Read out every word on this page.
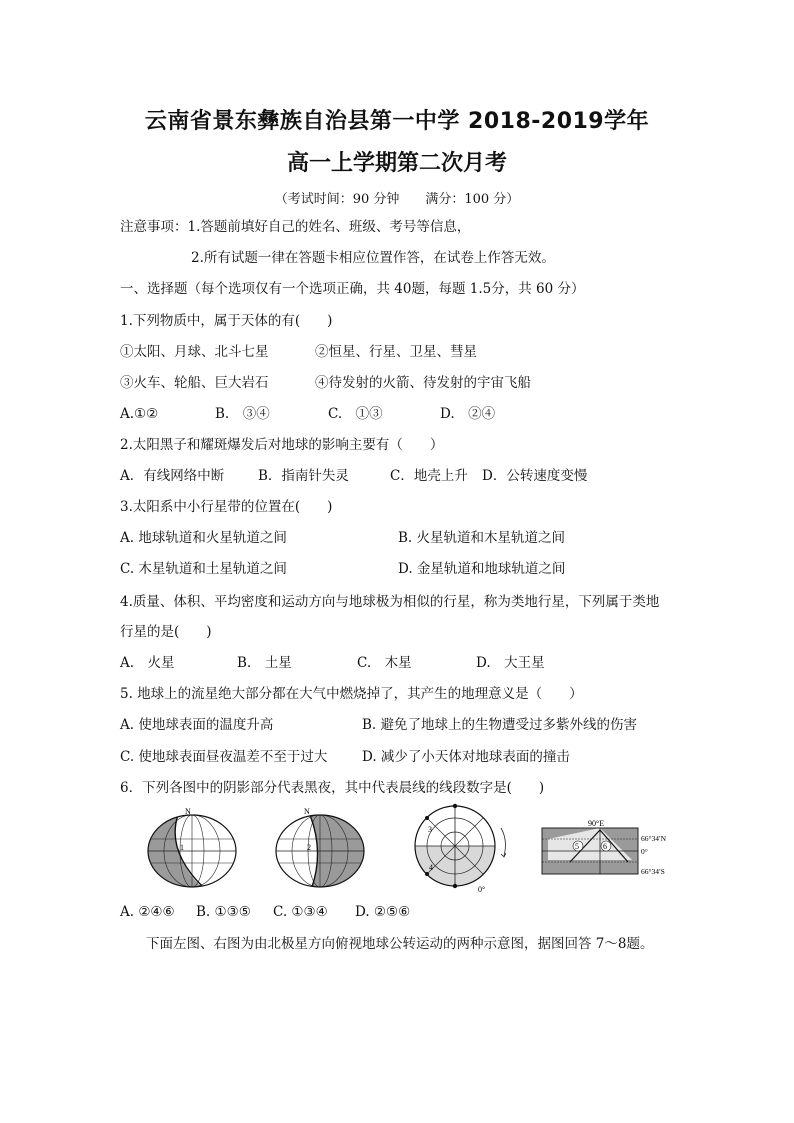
云南省景东彝族自治县第一中学 2018-2019学年
高一上学期第二次月考
（考试时间：90 分钟　　满分：100 分）
注意事项：1.答题前填好自己的姓名、班级、考号等信息，
2.所有试题一律在答题卡相应位置作答，在试卷上作答无效。
一、选择题（每个选项仅有一个选项正确，共 40题，每题 1.5分，共 60 分）
1.下列物质中，属于天体的有(　　)
①太阳、月球、北斗七星	②恒星、行星、卫星、彗星
③火车、轮船、巨大岩石	④待发射的火箭、待发射的宇宙飞船
A.①②	B.　③④	C.　①③	D.　②④
2.太阳黑子和耀斑爆发后对地球的影响主要有（　　）
A．有线网络中断	B．指南针失灵	C．地壳上升 D．公转速度变慢
3.太阳系中小行星带的位置在(　　)
A. 地球轨道和火星轨道之间	B. 火星轨道和木星轨道之间
C. 木星轨道和土星轨道之间	D. 金星轨道和地球轨道之间
4.质量、体积、平均密度和运动方向与地球极为相似的行星，称为类地行星，下列属于类地
行星的是(　　)
A.　火星	B.　土星	C.　木星	D.　大王星
5. 地球上的流星绝大部分都在大气中燃烧掉了，其产生的地理意义是（　　）
A. 使地球表面的温度升高	B. 避免了地球上的生物遭受过多紫外线的伤害
C. 使地球表面昼夜温差不至于过大	D. 减少了小天体对地球表面的撞击
6．下列各图中的阴影部分代表黑夜，其中代表晨线的线段数字是(　　)
N
1
N
2
3
4
0°
5	6
90°E
66°34′N
0°
66°34′S
A. ②④⑥ B. ①③⑤ C. ①③④ D. ②⑤⑥
下面左图、右图为由北极星方向俯视地球公转运动的两种示意图，据图回答 7～8题。
